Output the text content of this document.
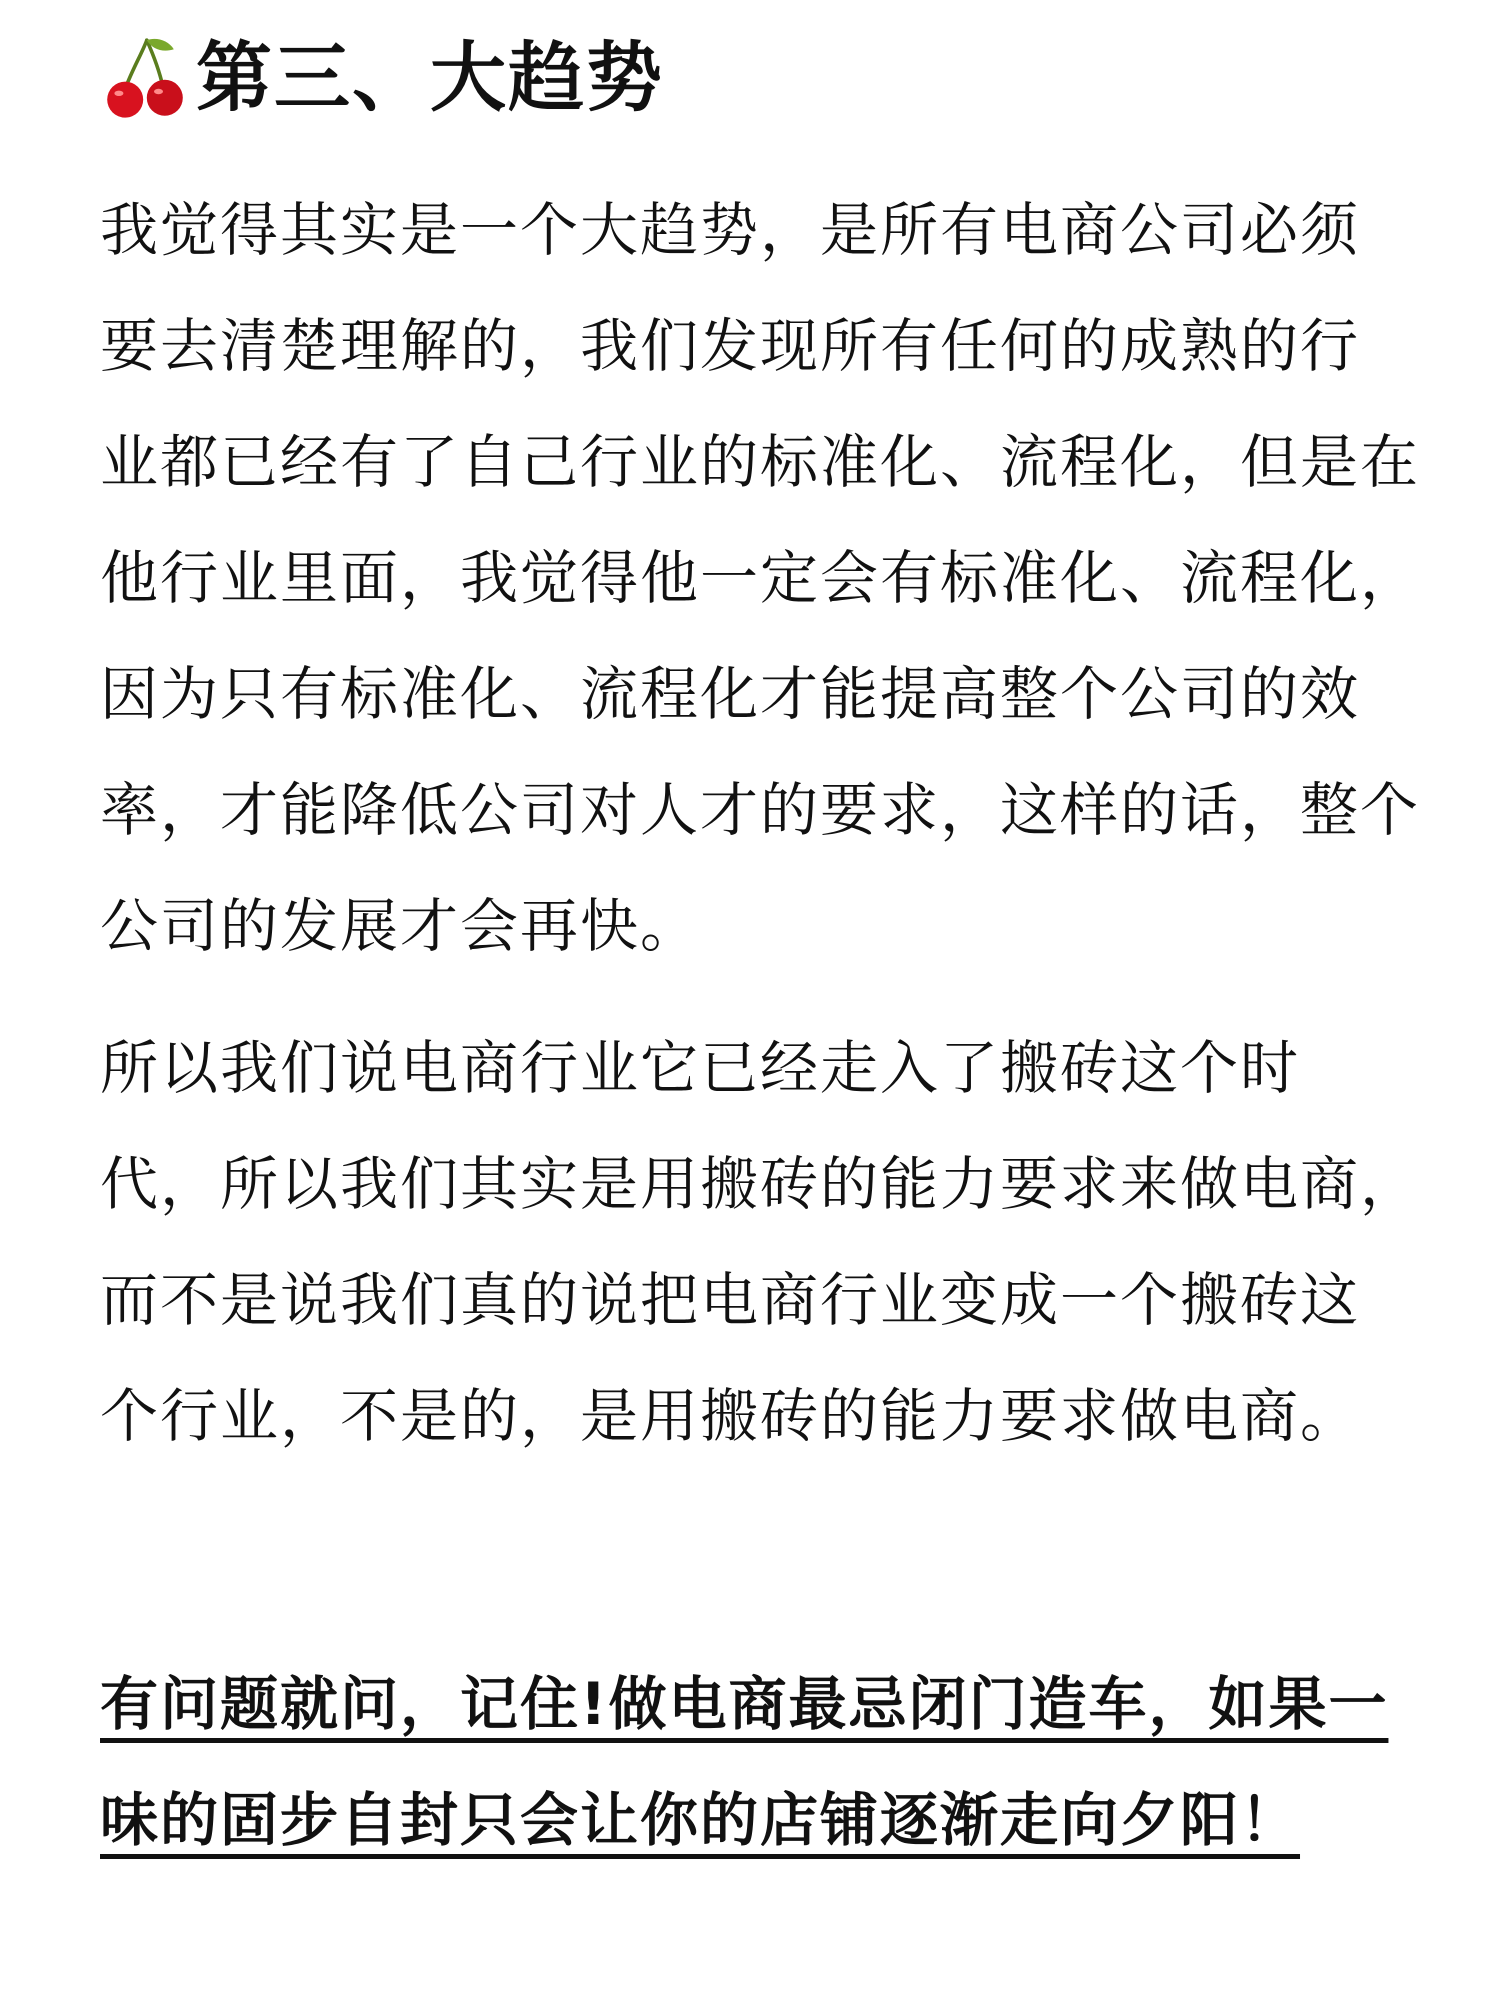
第三、大趋势
我觉得其实是一个大趋势，是所有电商公司必须
要去清楚理解的，我们发现所有任何的成熟的行
业都已经有了自己行业的标准化、流程化，但是在
他行业里面，我觉得他一定会有标准化、流程化，
因为只有标准化、流程化才能提高整个公司的效
率，才能降低公司对人才的要求，这样的话，整个
公司的发展才会再快。
所以我们说电商行业它已经走入了搬砖这个时
代，所以我们其实是用搬砖的能力要求来做电商，
而不是说我们真的说把电商行业变成一个搬砖这
个行业，不是的，是用搬砖的能力要求做电商。
有问题就问，记住!做电商最忌闭门造车，如果一
味的固步自封只会让你的店铺逐渐走向夕阳！
